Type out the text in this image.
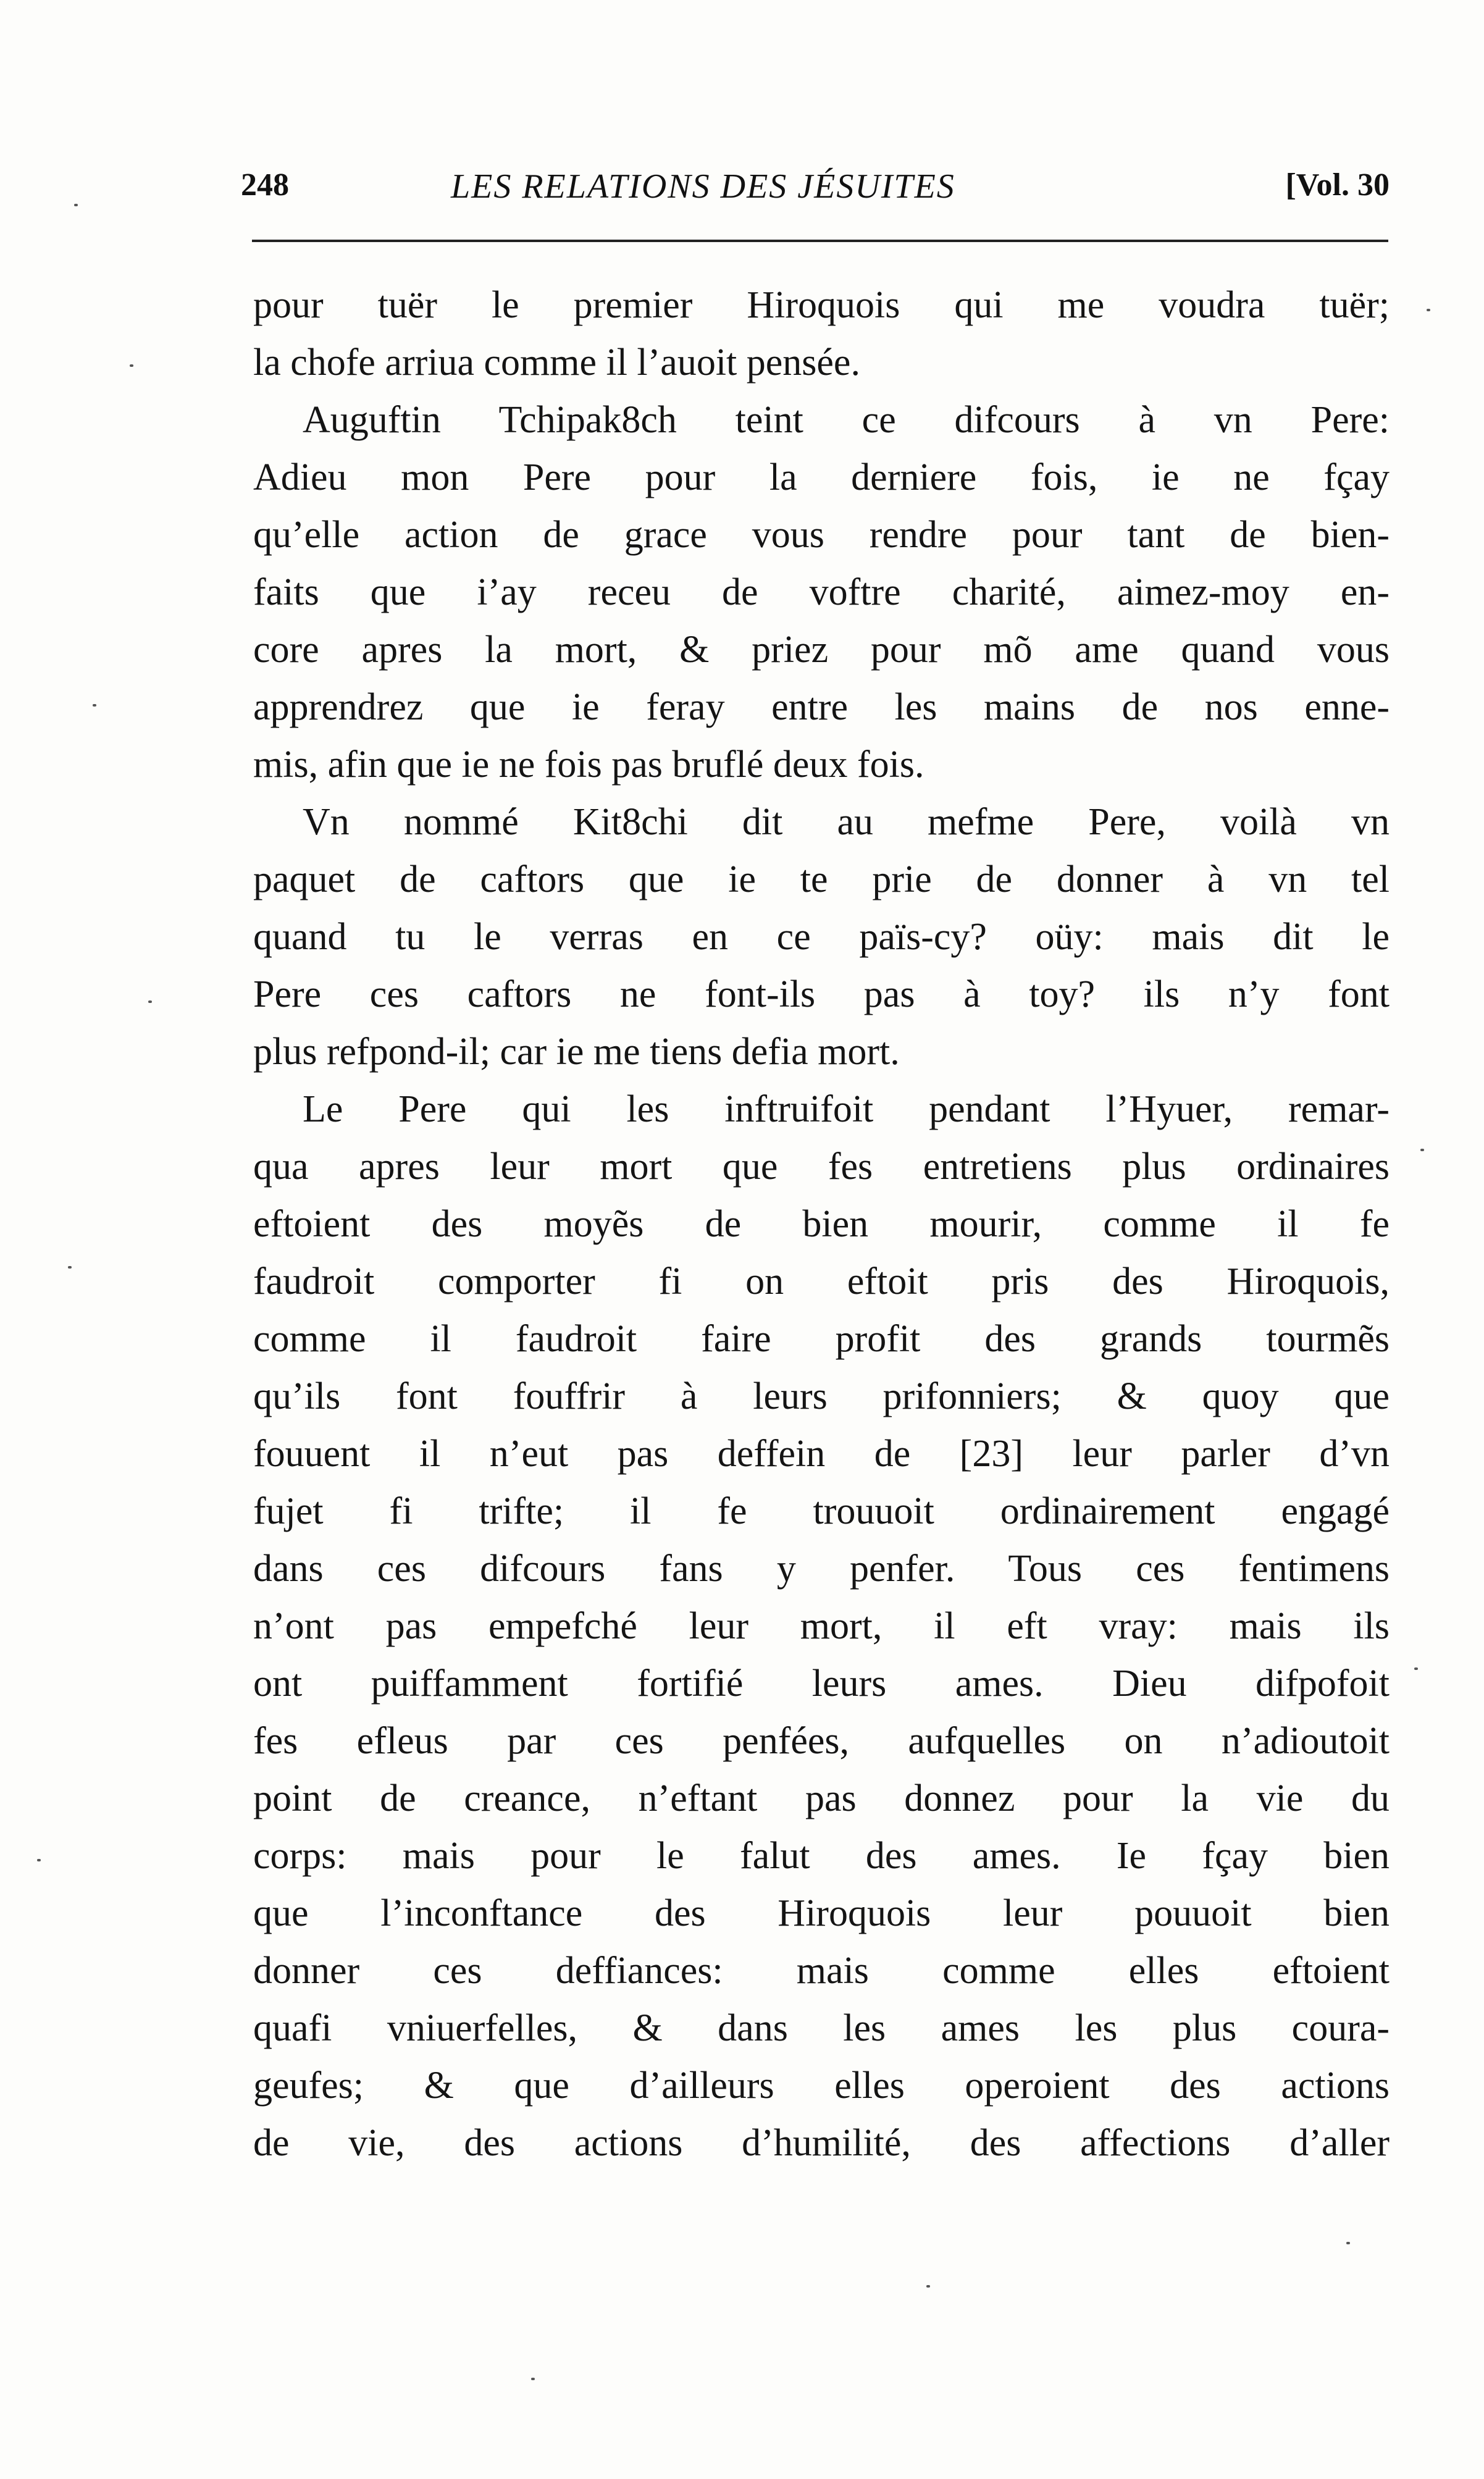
248	LES RELATIONS DES JÉSUITES	[Vol. 30
pour tuër le premier Hiroquois qui me voudra tuër;
la chofe arriua comme il l’auoit pensée.
Auguftin Tchipak8ch teint ce difcours à vn Pere:
Adieu mon Pere pour la derniere fois, ie ne fçay
qu’elle action de grace vous rendre pour tant de bien-
faits que i’ay receu de voftre charité, aimez-moy en-
core apres la mort, & priez pour mõ ame quand vous
apprendrez que ie feray entre les mains de nos enne-
mis, afin que ie ne fois pas bruflé deux fois.
Vn nommé Kit8chi dit au mefme Pere, voilà vn
paquet de caftors que ie te prie de donner à vn tel
quand tu le verras en ce païs-cy? oüy: mais dit le
Pere ces caftors ne font-ils pas à toy? ils n’y font
plus refpond-il; car ie me tiens defia mort.
Le Pere qui les inftruifoit pendant l’Hyuer, remar-
qua apres leur mort que fes entretiens plus ordinaires
eftoient des moyẽs de bien mourir, comme il fe
faudroit comporter fi on eftoit pris des Hiroquois,
comme il faudroit faire profit des grands tourmẽs
qu’ils font fouffrir à leurs prifonniers; & quoy que
fouuent il n’eut pas deffein de [23] leur parler d’vn
fujet fi trifte; il fe trouuoit ordinairement engagé
dans ces difcours fans y penfer. Tous ces fentimens
n’ont pas empefché leur mort, il eft vray: mais ils
ont puiffamment fortifié leurs ames. Dieu difpofoit
fes efleus par ces penfées, aufquelles on n’adioutoit
point de creance, n’eftant pas donnez pour la vie du
corps: mais pour le falut des ames. Ie fçay bien
que l’inconftance des Hiroquois leur pouuoit bien
donner ces deffiances: mais comme elles eftoient
quafi vniuerfelles, & dans les ames les plus coura-
geufes; & que d’ailleurs elles operoient des actions
de vie, des actions d’humilité, des affections d’aller
